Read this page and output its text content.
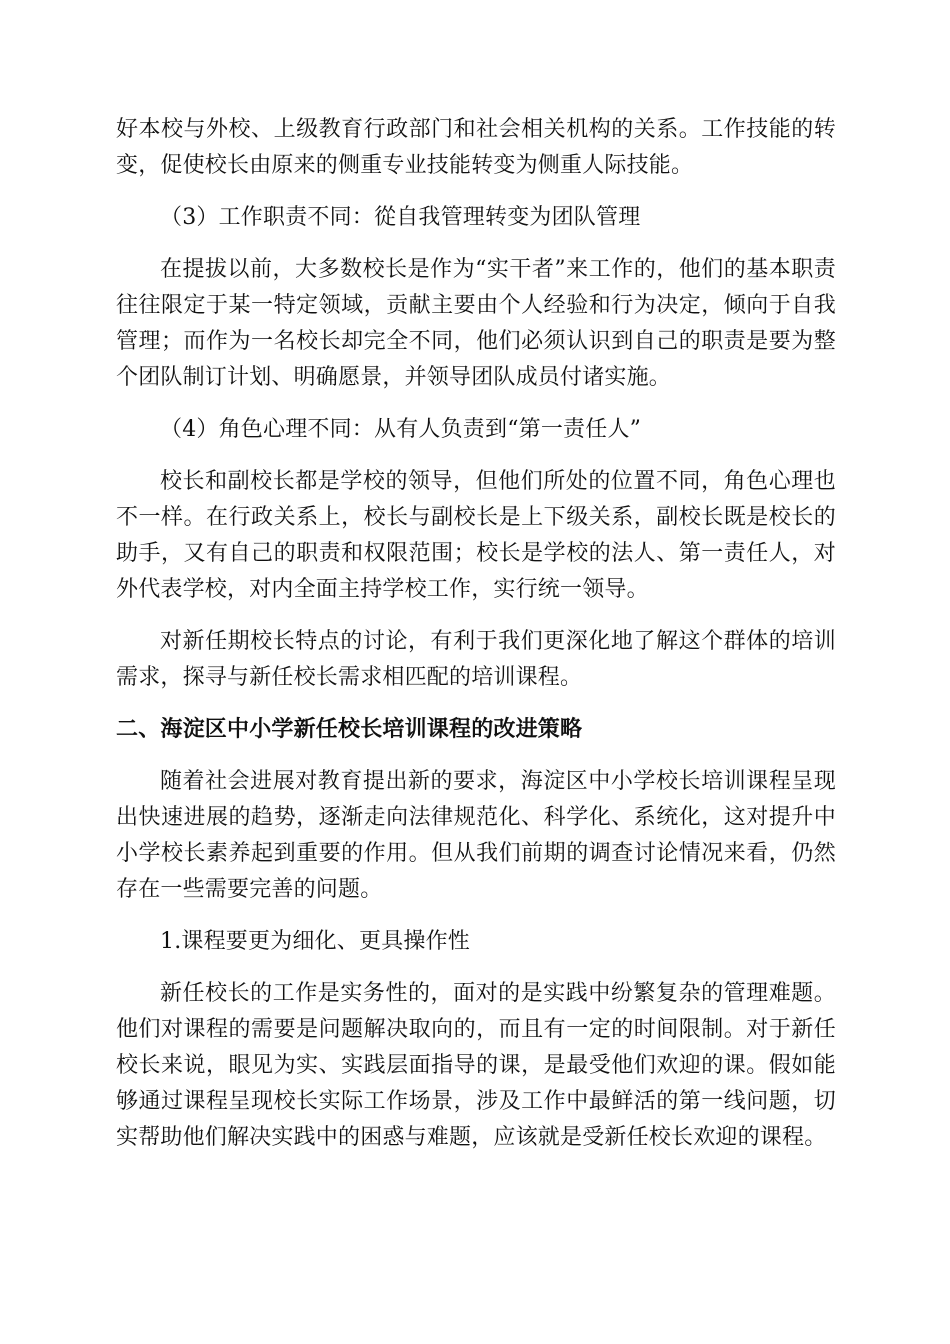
好本校与外校、上级教育行政部门和社会相关机构的关系。工作技能的转变，促使校长由原来的侧重专业技能转变为侧重人际技能。

（3）工作职责不同：從自我管理转变为团队管理

在提拔以前，大多数校长是作为“实干者”来工作的，他们的基本职责往往限定于某一特定领域，贡献主要由个人经验和行为决定，倾向于自我管理；而作为一名校长却完全不同，他们必须认识到自己的职责是要为整个团队制订计划、明确愿景，并领导团队成员付诸实施。

（4）角色心理不同：从有人负责到“第一责任人”

校长和副校长都是学校的领导，但他们所处的位置不同，角色心理也不一样。在行政关系上，校长与副校长是上下级关系，副校长既是校长的助手，又有自己的职责和权限范围；校长是学校的法人、第一责任人，对外代表学校，对内全面主持学校工作，实行统一领导。

对新任期校长特点的讨论，有利于我们更深化地了解这个群体的培训需求，探寻与新任校长需求相匹配的培训课程。

二、海淀区中小学新任校长培训课程的改进策略

随着社会进展对教育提出新的要求，海淀区中小学校长培训课程呈现出快速进展的趋势，逐渐走向法律规范化、科学化、系统化，这对提升中小学校长素养起到重要的作用。但从我们前期的调查讨论情况来看，仍然存在一些需要完善的问题。

1.课程要更为细化、更具操作性

新任校长的工作是实务性的，面对的是实践中纷繁复杂的管理难题。他们对课程的需要是问题解决取向的，而且有一定的时间限制。对于新任校长来说，眼见为实、实践层面指导的课，是最受他们欢迎的课。假如能够通过课程呈现校长实际工作场景，涉及工作中最鲜活的第一线问题，切实帮助他们解决实践中的困惑与难题，应该就是受新任校长欢迎的课程。
